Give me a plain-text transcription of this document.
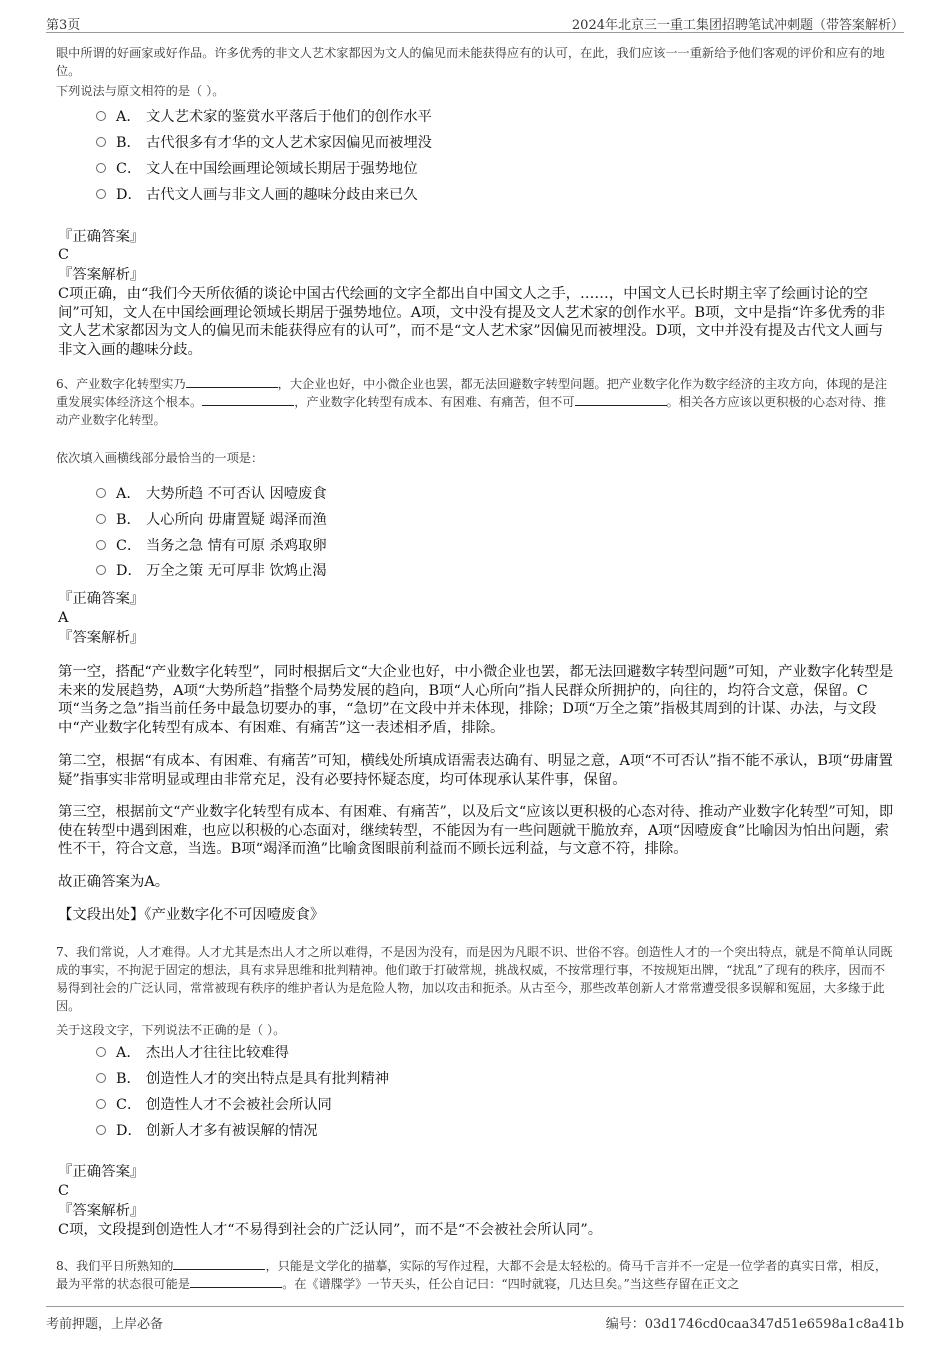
第3页	2024年北京三一重工集团招聘笔试冲刺题（带答案解析）
眼中所谓的好画家或好作品。许多优秀的非文人艺术家都因为文人的偏见而未能获得应有的认可，在此，我们应该一一重新给予他们客观的评价和应有的地位。
下列说法与原文相符的是（ ）。
A． 文人艺术家的鉴赏水平落后于他们的创作水平
B． 古代很多有才华的文人艺术家因偏见而被埋没
C． 文人在中国绘画理论领域长期居于强势地位
D． 古代文人画与非文人画的趣味分歧由来已久
『正确答案』
C
『答案解析』
C项正确，由“我们今天所依循的谈论中国古代绘画的文字全都出自中国文人之手，……，中国文人已长时期主宰了绘画讨论的空间”可知，文人在中国绘画理论领域长期居于强势地位。A项，文中没有提及文人艺术家的创作水平。B项，文中是指“许多优秀的非文人艺术家都因为文人的偏见而未能获得应有的认可”，而不是“文人艺术家”因偏见而被埋没。D项，文中并没有提及古代文人画与非文入画的趣味分歧。
6、产业数字化转型实乃	，大企业也好，中小微企业也罢，都无法回避数字转型问题。把产业数字化作为数字经济的主攻方向，体现的是注重发展实体经济这个根本。	，产业数字化转型有成本、有困难、有痛苦，但不可	。相关各方应该以更积极的心态对待、推动产业数字化转型。
依次填入画横线部分最恰当的一项是：
A． 大势所趋 不可否认 因噎废食
B． 人心所向 毋庸置疑 竭泽而渔
C． 当务之急 情有可原 杀鸡取卵
D． 万全之策 无可厚非 饮鸩止渴
『正确答案』
A
『答案解析』
第一空，搭配“产业数字化转型”，同时根据后文“大企业也好，中小微企业也罢，都无法回避数字转型问题”可知，产业数字化转型是未来的发展趋势，A项“大势所趋”指整个局势发展的趋向，B项“人心所向”指人民群众所拥护的，向往的，均符合文意，保留。C项“当务之急”指当前任务中最急切要办的事，“急切”在文段中并未体现，排除；D项“万全之策”指极其周到的计谋、办法，与文段中“产业数字化转型有成本、有困难、有痛苦”这一表述相矛盾，排除。
第二空，根据“有成本、有困难、有痛苦”可知，横线处所填成语需表达确有、明显之意，A项“不可否认”指不能不承认，B项“毋庸置疑”指事实非常明显或理由非常充足，没有必要持怀疑态度，均可体现承认某件事，保留。
第三空，根据前文“产业数字化转型有成本、有困难、有痛苦”，以及后文“应该以更积极的心态对待、推动产业数字化转型”可知，即使在转型中遇到困难，也应以积极的心态面对，继续转型，不能因为有一些问题就干脆放弃，A项“因噎废食”比喻因为怕出问题，索性不干，符合文意，当选。B项“竭泽而渔”比喻贪图眼前利益而不顾长远利益，与文意不符，排除。
故正确答案为A。
【文段出处】《产业数字化不可因噎废食》
7、我们常说，人才难得。人才尤其是杰出人才之所以难得，不是因为没有，而是因为凡眼不识、世俗不容。创造性人才的一个突出特点，就是不简单认同既成的事实，不拘泥于固定的想法，具有求异思维和批判精神。他们敢于打破常规，挑战权威，不按常理行事，不按规矩出牌，“扰乱”了现有的秩序，因而不易得到社会的广泛认同，常常被现有秩序的维护者认为是危险人物，加以攻击和扼杀。从古至今，那些改革创新人才常常遭受很多误解和冤屈，大多缘于此因。
关于这段文字，下列说法不正确的是（ ）。
A． 杰出人才往往比较难得
B． 创造性人才的突出特点是具有批判精神
C． 创造性人才不会被社会所认同
D． 创新人才多有被误解的情况
『正确答案』
C
『答案解析』
C项，文段提到创造性人才“不易得到社会的广泛认同”，而不是“不会被社会所认同”。
8、我们平日所熟知的	，只能是文学化的描摹，实际的写作过程，大都不会是太轻松的。倚马千言并不一定是一位学者的真实日常，相反，最为平常的状态很可能是	。在《谱牒学》一节天头，任公自记曰：“四时就寝，几达旦矣。”当这些存留在正文之
考前押题，上岸必备	编号：03d1746cd0caa347d51e6598a1c8a41b
